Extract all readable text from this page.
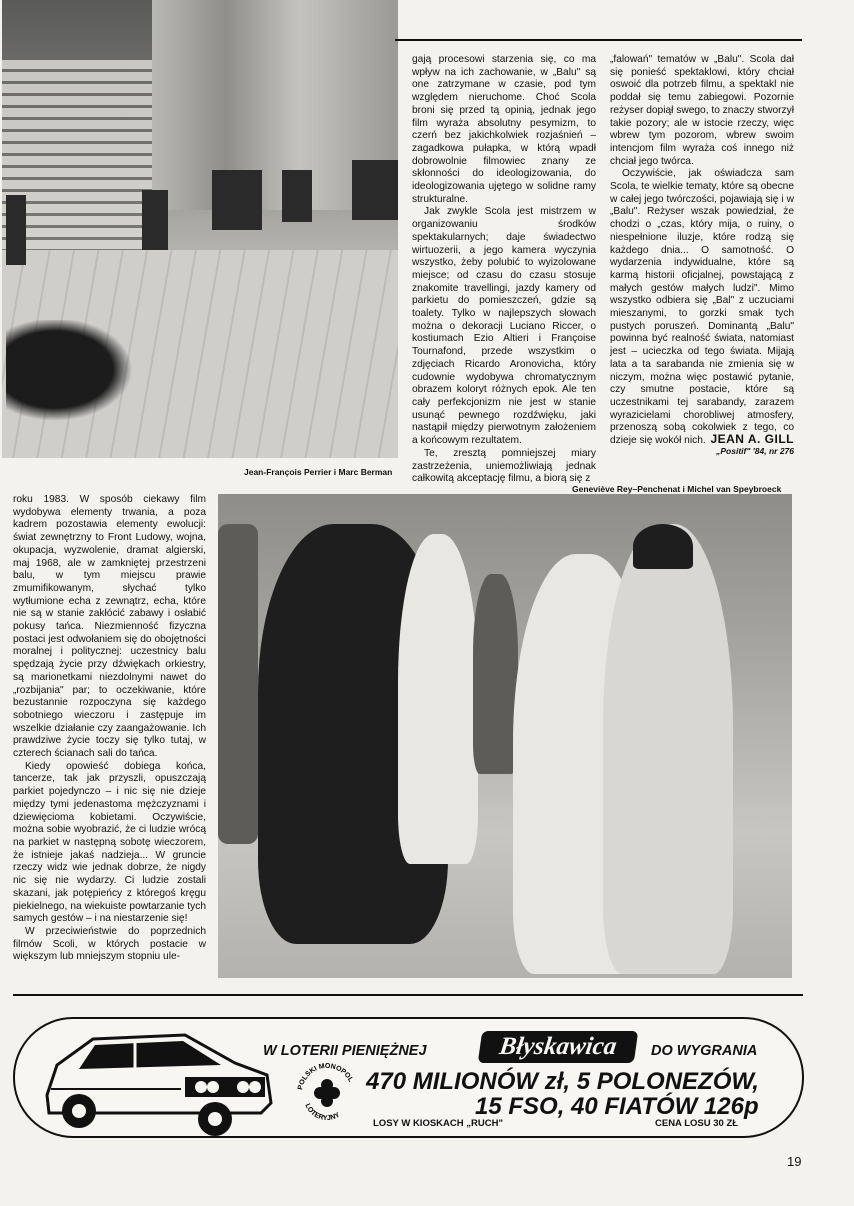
Jean-François Perrier i Marc Berman

gają procesowi starzenia się, co ma wpływ na ich zachowanie, w „Balu" są one zatrzymane w czasie, pod tym względem nieruchome. Choć Scola broni się przed tą opinią, jednak jego film wyraża absolutny pesymizm, to czerń bez jakichkolwiek rozjaśnień – zagadkowa pułapka, w którą wpadł dobrowolnie filmowiec znany ze skłonności do ideologizowania, do ideologizowania ujętego w solidne ramy strukturalne.

Jak zwykle Scola jest mistrzem w organizowaniu środków spektakularnych; daje świadectwo wirtuozerii, a jego kamera wyczynia wszystko, żeby polubić to wyizolowane miejsce; od czasu do czasu stosuje znakomite travellingi, jazdy kamery od parkietu do pomieszczeń, gdzie są toalety. Tylko w najlepszych słowach można o dekoracji Luciano Riccer, o kostiumach Ezio Altieri i Françoise Tournafond, przede wszystkim o zdjęciach Ricardo Aronovicha, który cudownie wydobywa chromatycznym obrazem koloryt różnych epok. Ale ten cały perfekcjonizm nie jest w stanie usunąć pewnego rozdźwięku, jaki nastąpił między pierwotnym założeniem a końcowym rezultatem.

Te, zresztą pomniejszej miary zastrzeżenia, uniemożliwiają jednak całkowitą akceptację filmu, a biorą się z

„falowań" tematów w „Balu". Scola dał się ponieść spektaklowi, który chciał oswoić dla potrzeb filmu, a spektakl nie poddał się temu zabiegowi. Pozornie reżyser dopiął swego, to znaczy stworzył takie pozory; ale w istocie rzeczy, więc wbrew tym pozorom, wbrew swoim intencjom film wyraża coś innego niż chciał jego twórca.

Oczywiście, jak oświadcza sam Scola, te wielkie tematy, które są obecne w całej jego twórczości, pojawiają się i w „Balu". Reżyser wszak powiedział, że chodzi o „czas, który mija, o ruiny, o niespełnione iluzje, które rodzą się każdego dnia... O samotność. O wydarzenia indywidualne, które są karmą historii oficjalnej, powstającą z małych gestów małych ludzi". Mimo wszystko odbiera się „Bal" z uczuciami mieszanymi, to gorzki smak tych pustych poruszeń. Dominantą „Balu" powinna być realność świata, natomiast jest – ucieczka od tego świata. Mijają lata a ta sarabanda nie zmienia się w niczym, można więc postawić pytanie, czy smutne postacie, które są uczestnikami tej sarabandy, zarazem wyrazicielami chorobliwej atmosfery, przenoszą sobą cokolwiek z tego, co dzieje się wokół nich. JEAN A. GILL
„Positif" '84, nr 276
Geneviève Rey–Penchenat i Michel van Speybroeck

roku 1983. W sposób ciekawy film wydobywa elementy trwania, a poza kadrem pozostawia elementy ewolucji: świat zewnętrzny to Front Ludowy, wojna, okupacja, wyzwolenie, dramat algierski, maj 1968, ale w zamkniętej przestrzeni balu, w tym miejscu prawie zmumifikowanym, słychać tylko wytłumione echa z zewnątrz, echa, które nie są w stanie zakłócić zabawy i osłabić pokusy tańca. Niezmienność fizyczna postaci jest odwołaniem się do obojętności moralnej i politycznej: uczestnicy balu spędzają życie przy dźwiękach orkiestry, są marionetkami niezdolnymi nawet do „rozbijania" par; to oczekiwanie, które bezustannie rozpoczyna się każdego sobotniego wieczoru i zastępuje im wszelkie działanie czy zaangażowanie. Ich prawdziwe życie toczy się tylko tutaj, w czterech ścianach sali do tańca.

Kiedy opowieść dobiega końca, tancerze, tak jak przyszli, opuszczają parkiet pojedynczo – i nic się nie dzieje między tymi jedenastoma mężczyznami i dziewięcioma kobietami. Oczywiście, można sobie wyobrazić, że ci ludzie wrócą na parkiet w następną sobotę wieczorem, że istnieje jakaś nadzieja... W gruncie rzeczy widz wie jednak dobrze, że nigdy nic się nie wydarzy. Ci ludzie zostali skazani, jak potępieńcy z któregoś kręgu piekielnego, na wiekuiste powtarzanie tych samych gestów – i na niestarzenie się!

W przeciwieństwie do poprzednich filmów Scoli, w których postacie w większym lub mniejszym stopniu ule-

W LOTERII PIENIĘŻNEJ	Błyskawica	DO WYGRANIA
470 MILIONÓW zł, 5 POLONEZÓW,
15 FSO, 40 FIATÓW 126p
POLSKI MONOPOL
LOTERYJNY
LOSY W KIOSKACH „RUCH"	CENA LOSU 30 ZŁ
19
